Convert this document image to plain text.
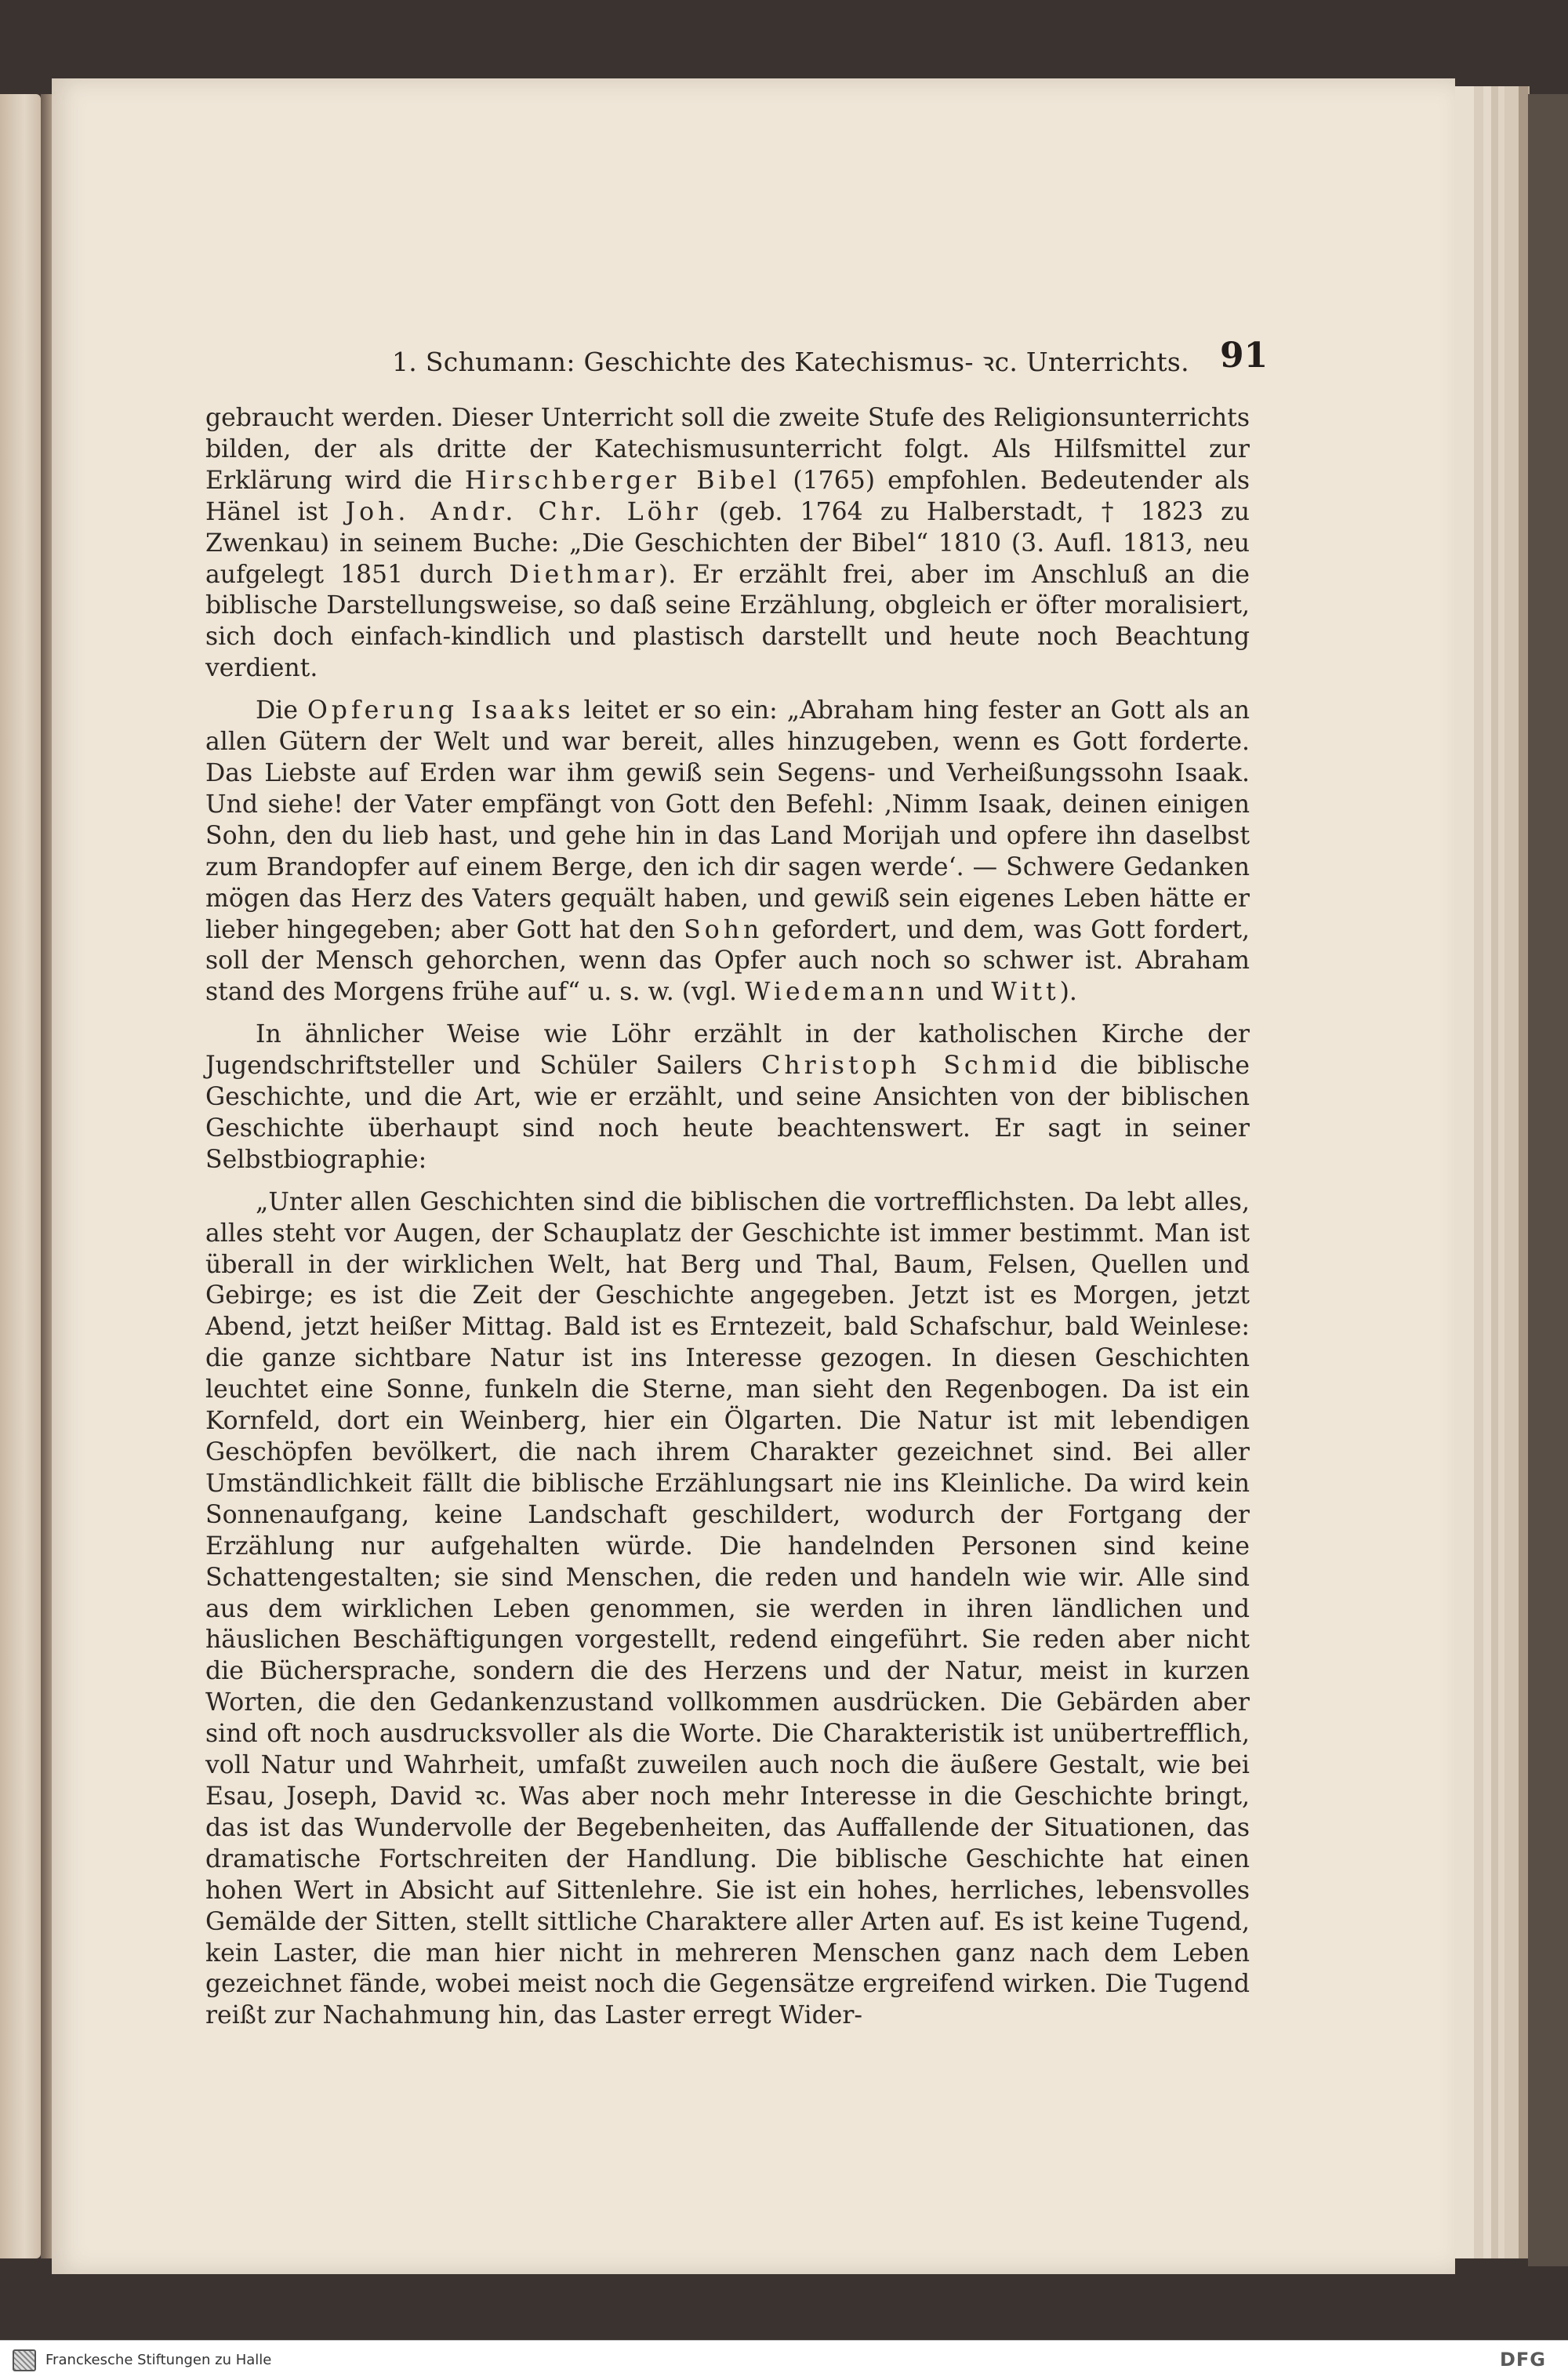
1. Schumann: Geschichte des Katechismus- ꝛc. Unterrichts. 91

gebraucht werden. Dieser Unterricht soll die zweite Stufe des Religionsunterrichts bilden, der als dritte der Katechismusunterricht folgt. Als Hilfsmittel zur Erklärung wird die Hirschberger Bibel (1765) empfohlen. Bedeutender als Hänel ist Joh. Andr. Chr. Löhr (geb. 1764 zu Halberstadt, † 1823 zu Zwenkau) in seinem Buche: „Die Geschichten der Bibel“ 1810 (3. Aufl. 1813, neu aufgelegt 1851 durch Diethmar). Er erzählt frei, aber im Anschluß an die biblische Darstellungsweise, so daß seine Erzählung, obgleich er öfter moralisiert, sich doch einfach-kindlich und plastisch darstellt und heute noch Beachtung verdient.

Die Opferung Isaaks leitet er so ein: „Abraham hing fester an Gott als an allen Gütern der Welt und war bereit, alles hinzugeben, wenn es Gott forderte. Das Liebste auf Erden war ihm gewiß sein Segens- und Verheißungssohn Isaak. Und siehe! der Vater empfängt von Gott den Befehl: ‚Nimm Isaak, deinen einigen Sohn, den du lieb hast, und gehe hin in das Land Morijah und opfere ihn daselbst zum Brandopfer auf einem Berge, den ich dir sagen werde‘. — Schwere Gedanken mögen das Herz des Vaters gequält haben, und gewiß sein eigenes Leben hätte er lieber hingegeben; aber Gott hat den Sohn gefordert, und dem, was Gott fordert, soll der Mensch gehorchen, wenn das Opfer auch noch so schwer ist. Abraham stand des Morgens frühe auf“ u. s. w. (vgl. Wiedemann und Witt).

In ähnlicher Weise wie Löhr erzählt in der katholischen Kirche der Jugendschriftsteller und Schüler Sailers Christoph Schmid die biblische Geschichte, und die Art, wie er erzählt, und seine Ansichten von der biblischen Geschichte überhaupt sind noch heute beachtenswert. Er sagt in seiner Selbstbiographie:

„Unter allen Geschichten sind die biblischen die vortrefflichsten. Da lebt alles, alles steht vor Augen, der Schauplatz der Geschichte ist immer bestimmt. Man ist überall in der wirklichen Welt, hat Berg und Thal, Baum, Felsen, Quellen und Gebirge; es ist die Zeit der Geschichte angegeben. Jetzt ist es Morgen, jetzt Abend, jetzt heißer Mittag. Bald ist es Erntezeit, bald Schafschur, bald Weinlese: die ganze sichtbare Natur ist ins Interesse gezogen. In diesen Geschichten leuchtet eine Sonne, funkeln die Sterne, man sieht den Regenbogen. Da ist ein Kornfeld, dort ein Weinberg, hier ein Ölgarten. Die Natur ist mit lebendigen Geschöpfen bevölkert, die nach ihrem Charakter gezeichnet sind. Bei aller Umständlichkeit fällt die biblische Erzählungsart nie ins Kleinliche. Da wird kein Sonnenaufgang, keine Landschaft geschildert, wodurch der Fortgang der Erzählung nur aufgehalten würde. Die handelnden Personen sind keine Schattengestalten; sie sind Menschen, die reden und handeln wie wir. Alle sind aus dem wirklichen Leben genommen, sie werden in ihren ländlichen und häuslichen Beschäftigungen vorgestellt, redend eingeführt. Sie reden aber nicht die Büchersprache, sondern die des Herzens und der Natur, meist in kurzen Worten, die den Gedankenzustand vollkommen ausdrücken. Die Gebärden aber sind oft noch ausdrucksvoller als die Worte. Die Charakteristik ist unübertrefflich, voll Natur und Wahrheit, umfaßt zuweilen auch noch die äußere Gestalt, wie bei Esau, Joseph, David ꝛc. Was aber noch mehr Interesse in die Geschichte bringt, das ist das Wundervolle der Begebenheiten, das Auffallende der Situationen, das dramatische Fortschreiten der Handlung. Die biblische Geschichte hat einen hohen Wert in Absicht auf Sittenlehre. Sie ist ein hohes, herrliches, lebensvolles Gemälde der Sitten, stellt sittliche Charaktere aller Arten auf. Es ist keine Tugend, kein Laster, die man hier nicht in mehreren Menschen ganz nach dem Leben gezeichnet fände, wobei meist noch die Gegensätze ergreifend wirken. Die Tugend reißt zur Nachahmung hin, das Laster erregt Wider-

Franckesche Stiftungen zu Halle	DFG
